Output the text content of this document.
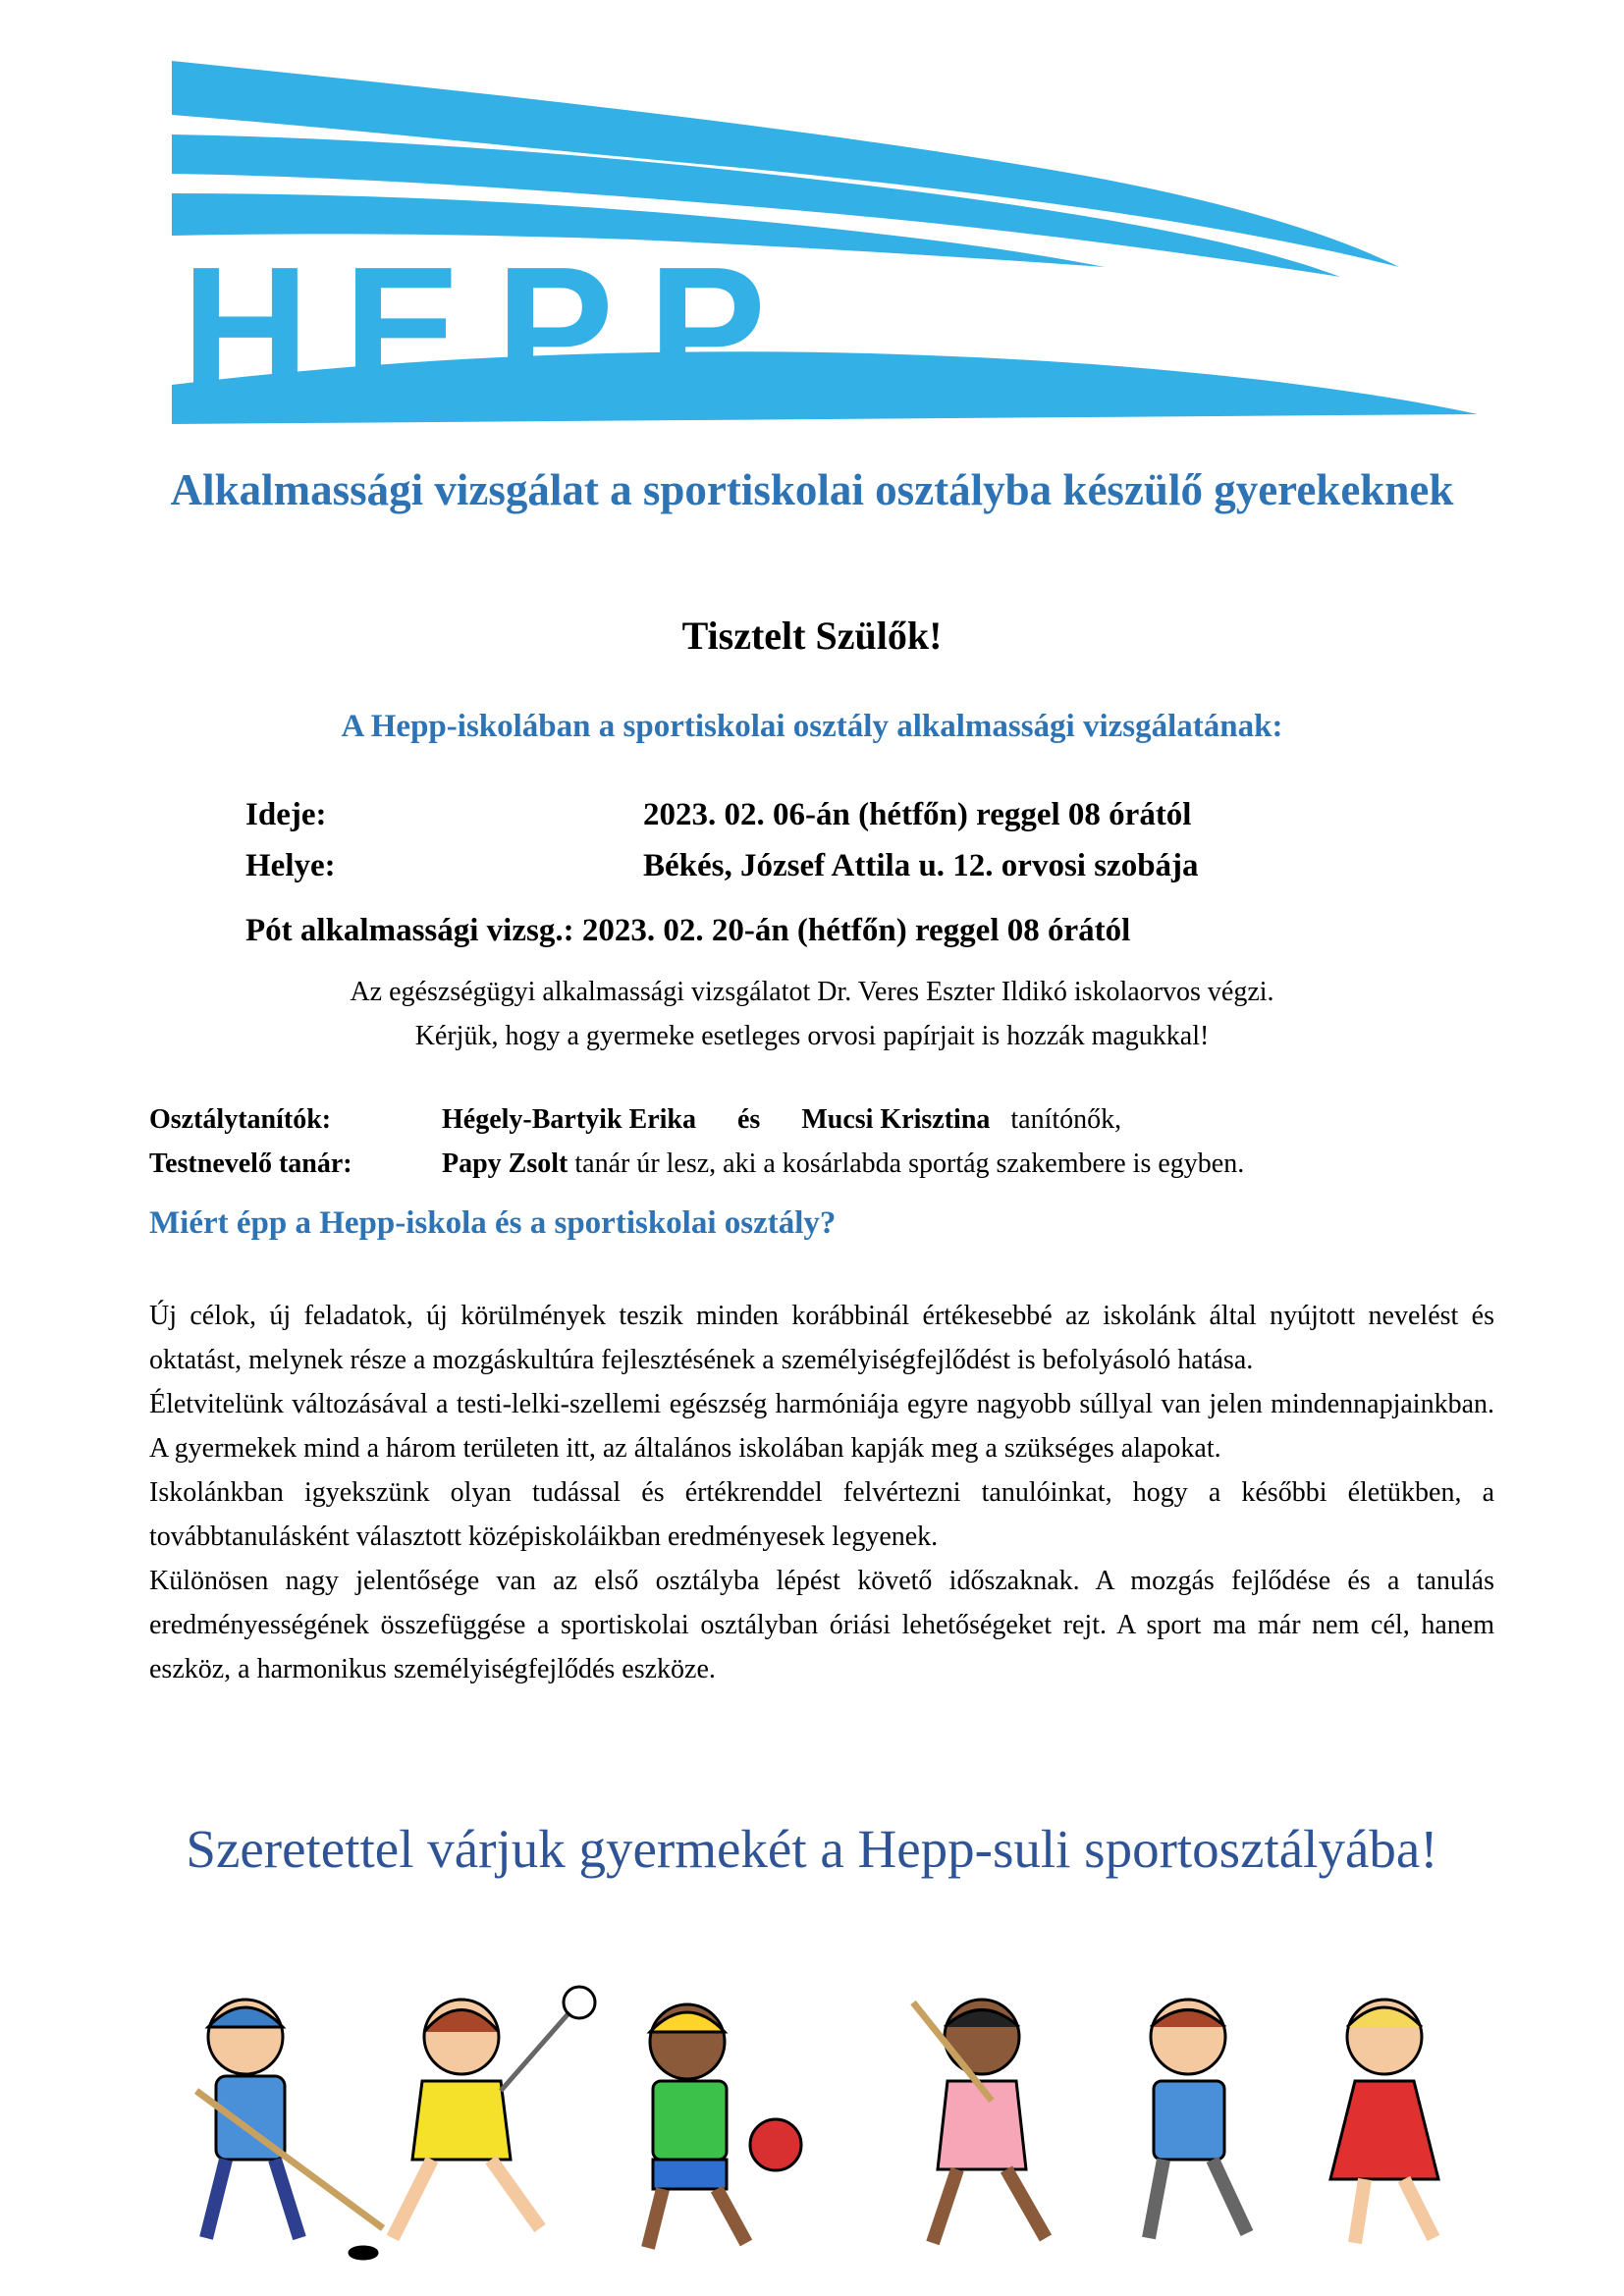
HEPP
Alkalmassági vizsgálat a sportiskolai osztályba készülő gyerekeknek
Tisztelt Szülők!
A Hepp-iskolában a sportiskolai osztály alkalmassági vizsgálatának:
Ideje:	2023. 02. 06-án (hétfőn) reggel 08 órától
Helye:	Békés, József Attila u. 12. orvosi szobája
Pót alkalmassági vizsg.: 2023. 02. 20-án (hétfőn) reggel 08 órától
Az egészségügyi alkalmassági vizsgálatot Dr. Veres Eszter Ildikó iskolaorvos végzi.
Kérjük, hogy a gyermeke esetleges orvosi papírjait is hozzák magukkal!
Osztálytanítók:	Hégely-Bartyik Erika és Mucsi Krisztina tanítónők,
Testnevelő tanár:	Papy Zsolt tanár úr lesz, aki a kosárlabda sportág szakembere is egyben.
Miért épp a Hepp-iskola és a sportiskolai osztály?

Új célok, új feladatok, új körülmények teszik minden korábbinál értékesebbé az iskolánk által nyújtott nevelést és oktatást, melynek része a mozgáskultúra fejlesztésének a személyiségfejlődést is befolyásoló hatása.

Életvitelünk változásával a testi-lelki-szellemi egészség harmóniája egyre nagyobb súllyal van jelen mindennapjainkban. A gyermekek mind a három területen itt, az általános iskolában kapják meg a szükséges alapokat.

Iskolánkban igyekszünk olyan tudással és értékrenddel felvértezni tanulóinkat, hogy a későbbi életükben, a továbbtanulásként választott középiskoláikban eredményesek legyenek.

Különösen nagy jelentősége van az első osztályba lépést követő időszaknak. A mozgás fejlődése és a tanulás eredményességének összefüggése a sportiskolai osztályban óriási lehetőségeket rejt. A sport ma már nem cél, hanem eszköz, a harmonikus személyiségfejlődés eszköze.

Szeretettel várjuk gyermekét a Hepp-suli sportosztályába!
